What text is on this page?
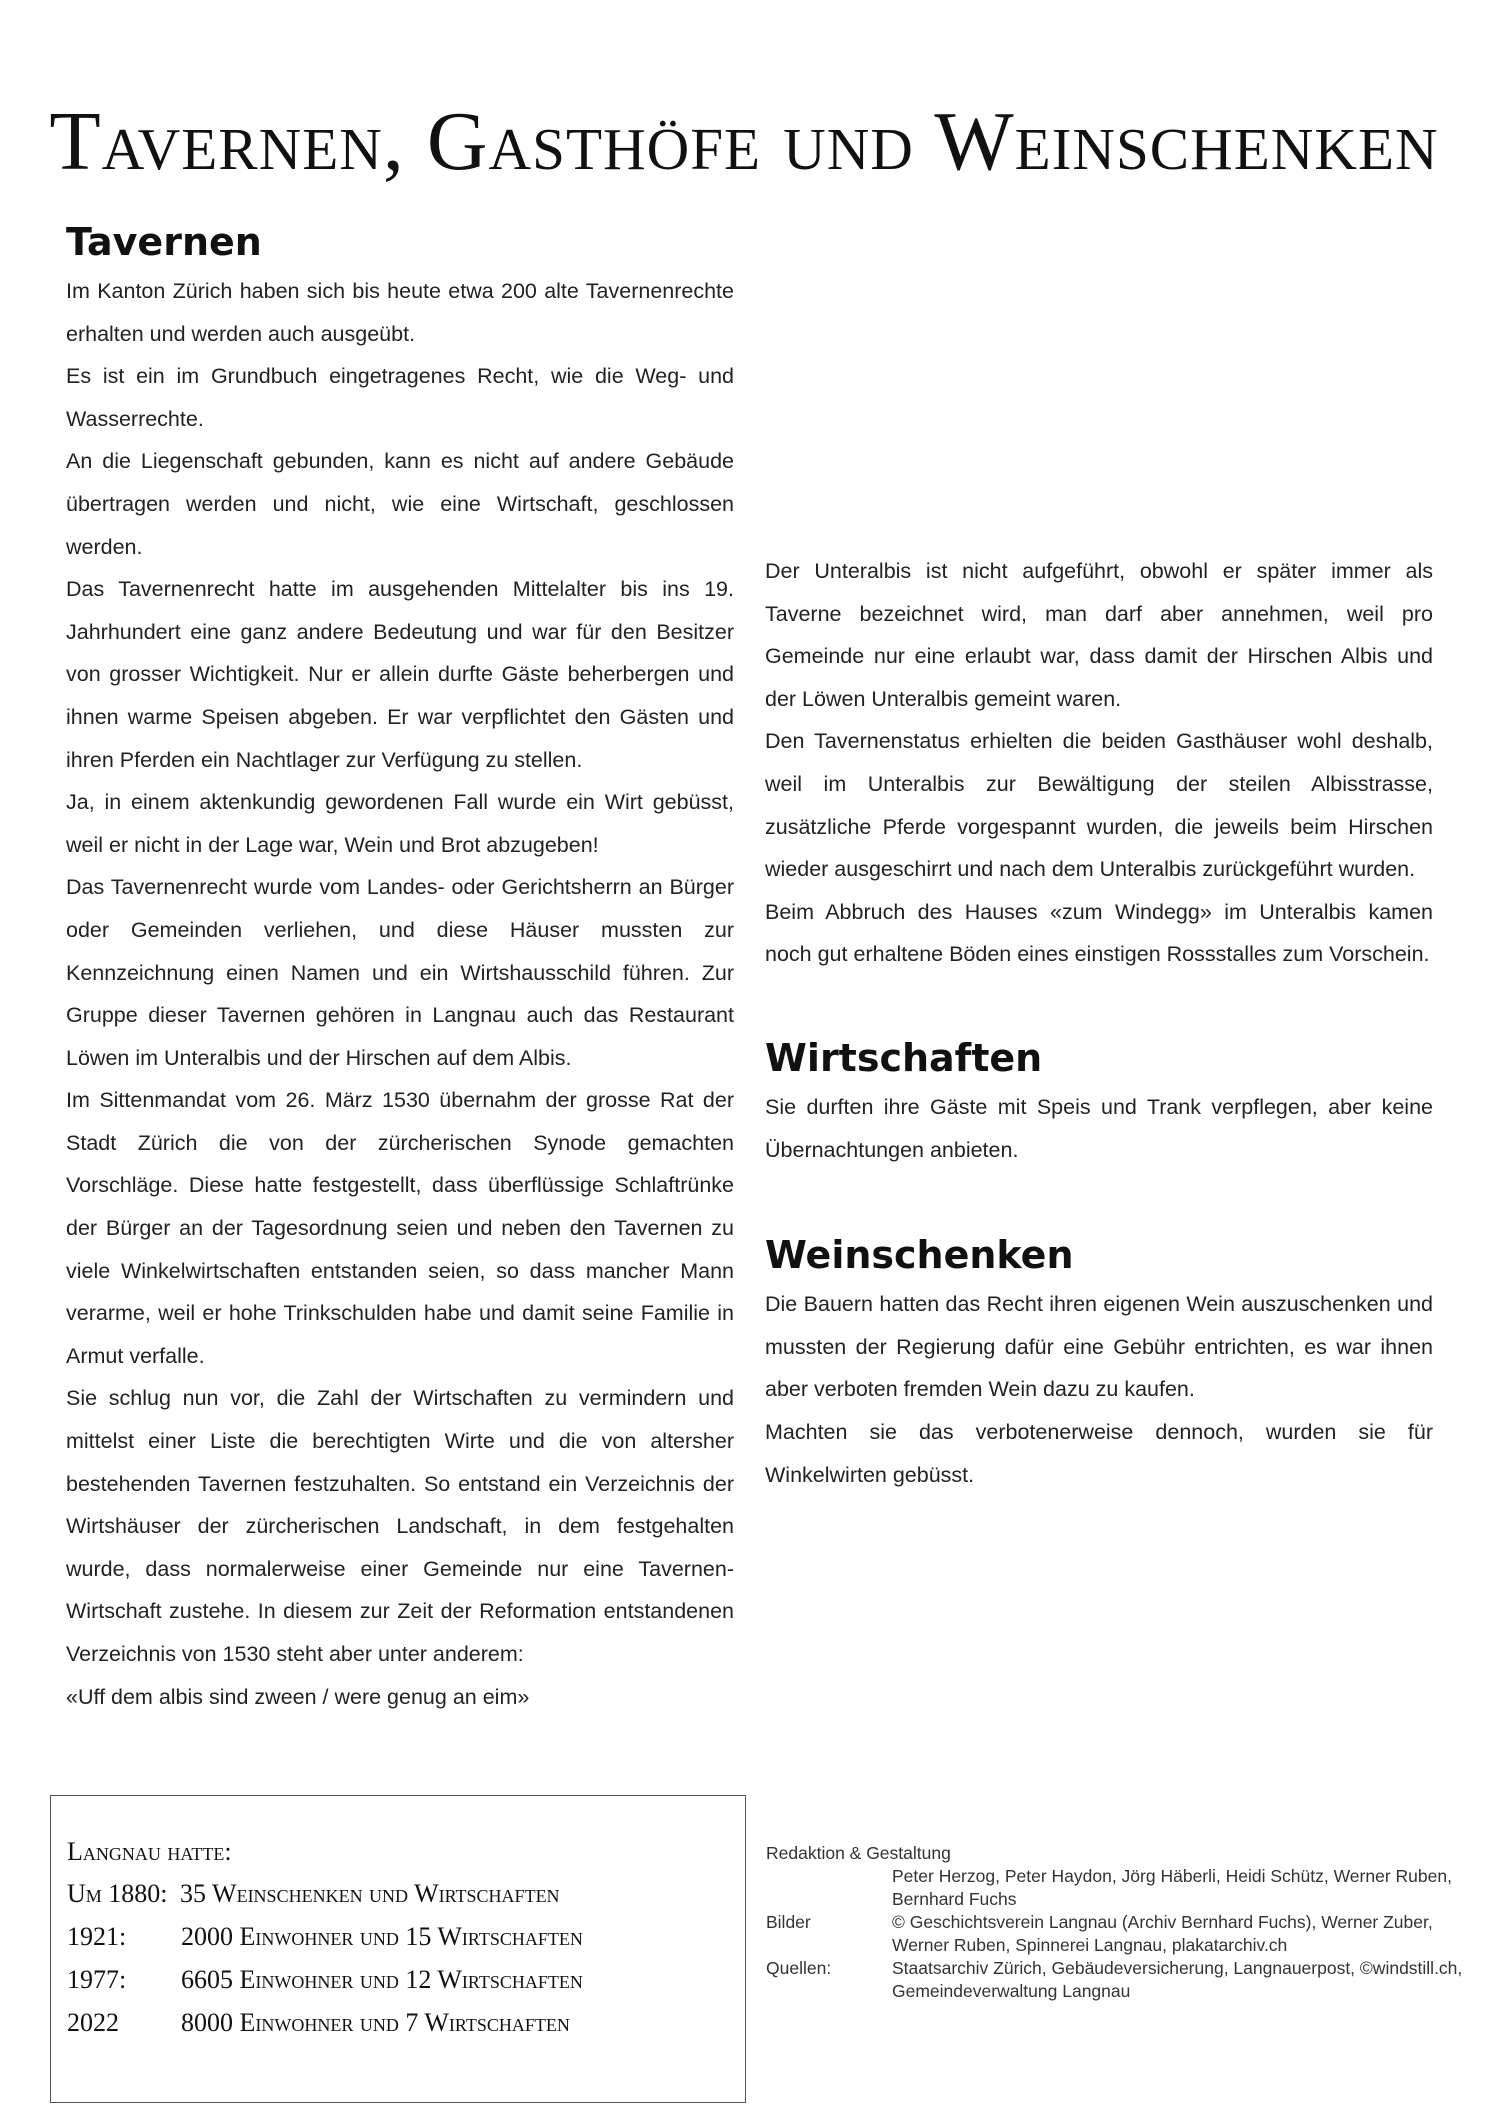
Tavernen, Gasthöfe und Weinschenken
Tavernen

Im Kanton Zürich haben sich bis heute etwa 200 alte Tavernenrechte erhalten und werden auch ausgeübt.

Es ist ein im Grundbuch eingetragenes Recht, wie die Weg- und Wasserrechte.

An die Liegenschaft gebunden, kann es nicht auf andere Gebäude übertragen werden und nicht, wie eine Wirtschaft, geschlossen werden.

Das Tavernenrecht hatte im ausgehenden Mittelalter bis ins 19. Jahrhundert eine ganz andere Bedeutung und war für den Besitzer von grosser Wichtigkeit. Nur er allein durfte Gäste beherbergen und ihnen warme Speisen abgeben. Er war verpflichtet den Gästen und ihren Pferden ein Nachtlager zur Verfügung zu stellen.

Ja, in einem aktenkundig gewordenen Fall wurde ein Wirt gebüsst, weil er nicht in der Lage war, Wein und Brot abzugeben!

Das Tavernenrecht wurde vom Landes- oder Gerichtsherrn an Bürger oder Gemeinden verliehen, und diese Häuser mussten zur Kennzeichnung einen Namen und ein Wirtshausschild führen. Zur Gruppe dieser Tavernen gehören in Langnau auch das Restaurant Löwen im Unteralbis und der Hirschen auf dem Albis.

Im Sittenmandat vom 26. März 1530 übernahm der grosse Rat der Stadt Zürich die von der zürcherischen Synode gemachten Vorschläge. Diese hatte festgestellt, dass überflüssige Schlaftrünke der Bürger an der Tagesordnung seien und neben den Tavernen zu viele Winkelwirtschaften entstanden seien, so dass mancher Mann verarme, weil er hohe Trinkschulden habe und damit seine Familie in Armut verfalle.

Sie schlug nun vor, die Zahl der Wirtschaften zu vermindern und mittelst einer Liste die berechtigten Wirte und die von altersher bestehenden Tavernen festzuhalten. So entstand ein Verzeichnis der Wirtshäuser der zürcherischen Landschaft, in dem festgehalten wurde, dass normalerweise einer Gemeinde nur eine Tavernen-Wirtschaft zustehe. In diesem zur Zeit der Reformation entstandenen Verzeichnis von 1530 steht aber unter anderem:

«Uff dem albis sind zween / were genug an eim»

Der Unteralbis ist nicht aufgeführt, obwohl er später immer als Taverne bezeichnet wird, man darf aber annehmen, weil pro Gemeinde nur eine erlaubt war, dass damit der Hirschen Albis und der Löwen Unteralbis gemeint waren.

Den Tavernenstatus erhielten die beiden Gasthäuser wohl deshalb, weil im Unteralbis zur Bewältigung der steilen Albisstrasse, zusätzliche Pferde vorgespannt wurden, die jeweils beim Hirschen wieder ausgeschirrt und nach dem Unteralbis zurückgeführt wurden.

Beim Abbruch des Hauses «zum Windegg» im Unteralbis kamen noch gut erhaltene Böden eines einstigen Rossstalles zum Vorschein.

Wirtschaften

Sie durften ihre Gäste mit Speis und Trank verpflegen, aber keine Übernachtungen anbieten.

Weinschenken

Die Bauern hatten das Recht ihren eigenen Wein auszuschenken und mussten der Regierung dafür eine Gebühr entrichten, es war ihnen aber verboten fremden Wein dazu zu kaufen.

Machten sie das verbotenerweise dennoch, wurden sie für Winkelwirten gebüsst.

Langnau hatte:
Um 1880: 35 Weinschenken und Wirtschaften
1921:	2000 Einwohner und 15 Wirtschaften
1977:	6605 Einwohner und 12 Wirtschaften
2022	8000 Einwohner und 7 Wirtschaften
Redaktion & Gestaltung
Peter Herzog, Peter Haydon, Jörg Häberli, Heidi Schütz, Werner Ruben, Bernhard Fuchs
Bilder	© Geschichtsverein Langnau (Archiv Bernhard Fuchs), Werner Zuber, Werner Ruben, Spinnerei Langnau, plakatarchiv.ch
Quellen:	Staatsarchiv Zürich, Gebäudeversicherung, Langnauerpost, ©windstill.ch, Gemeindeverwaltung Langnau
